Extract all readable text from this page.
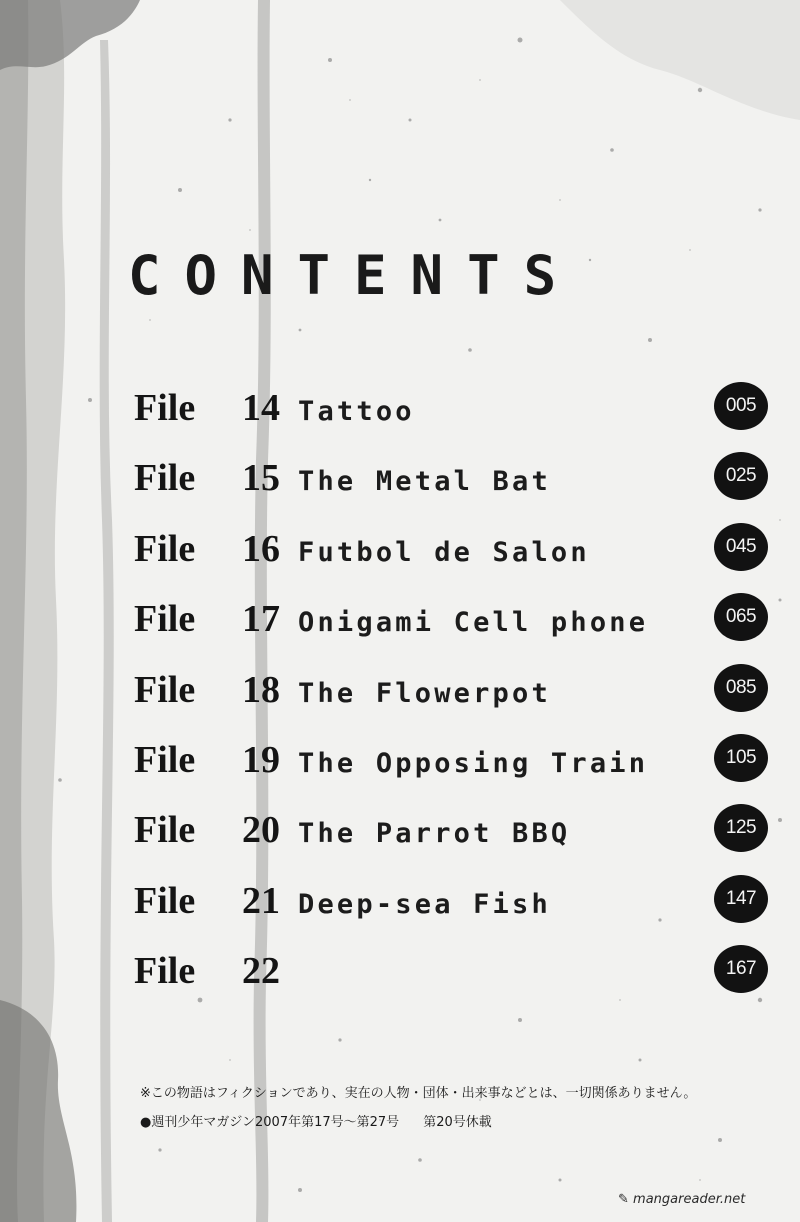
CONTENTS
File 14 Tattoo	005
File 15 The Metal Bat	025
File 16 Futbol de Salon	045
File 17 Onigami Cell phone	065
File 18 The Flowerpot	085
File 19 The Opposing Train	105
File 20 The Parrot BBQ	125
File 21 Deep-sea Fish	147
File 22	167
※この物語はフィクションであり、実在の人物・団体・出来事などとは、一切関係ありません。
●週刊少年マガジン2007年第17号〜第27号 第20号休載
✎ mangareader.net
